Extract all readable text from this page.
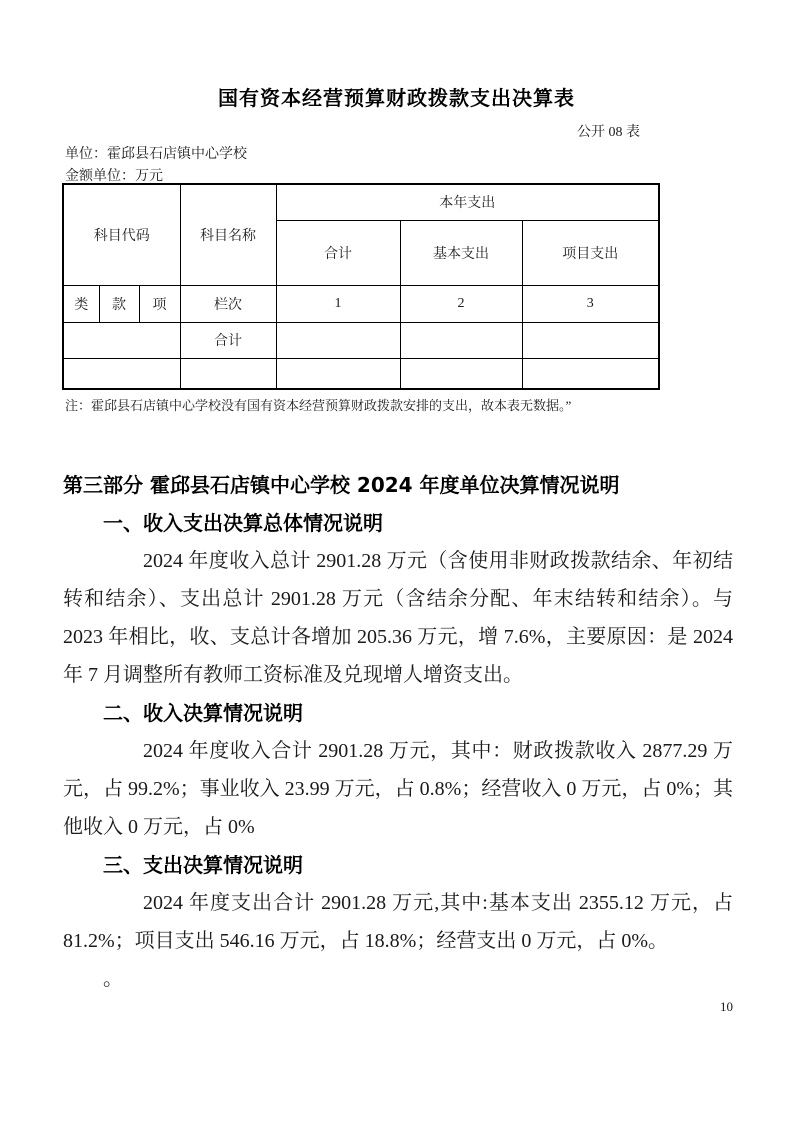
国有资本经营预算财政拨款支出决算表
公开 08 表
单位：霍邱县石店镇中心学校
金额单位：万元
科目代码			科目名称	本年支出		
				合计	基本支出	项目支出
类	款	项	栏次	1	2	3
			合计			

注：霍邱县石店镇中心学校没有国有资本经营预算财政拨款安排的支出，故本表无数据。”
第三部分 霍邱县石店镇中心学校 2024 年度单位决算情况说明
一、收入支出决算总体情况说明

2024 年度收入总计 2901.28 万元（含使用非财政拨款结余、年初结转和结余）、支出总计 2901.28 万元（含结余分配、年末结转和结余）。与 2023 年相比，收、支总计各增加 205.36 万元，增 7.6%，主要原因：是 2024 年 7 月调整所有教师工资标准及兑现增人增资支出。

二、收入决算情况说明

2024 年度收入合计 2901.28 万元，其中：财政拨款收入 2877.29 万元，占 99.2%；事业收入 23.99 万元，占 0.8%；经营收入 0 万元，占 0%；其他收入 0 万元，占 0%

三、支出决算情况说明

2024 年度支出合计 2901.28 万元,其中:基本支出 2355.12 万元，占 81.2%；项目支出 546.16 万元，占 18.8%；经营支出 0 万元，占 0%。

。

10
